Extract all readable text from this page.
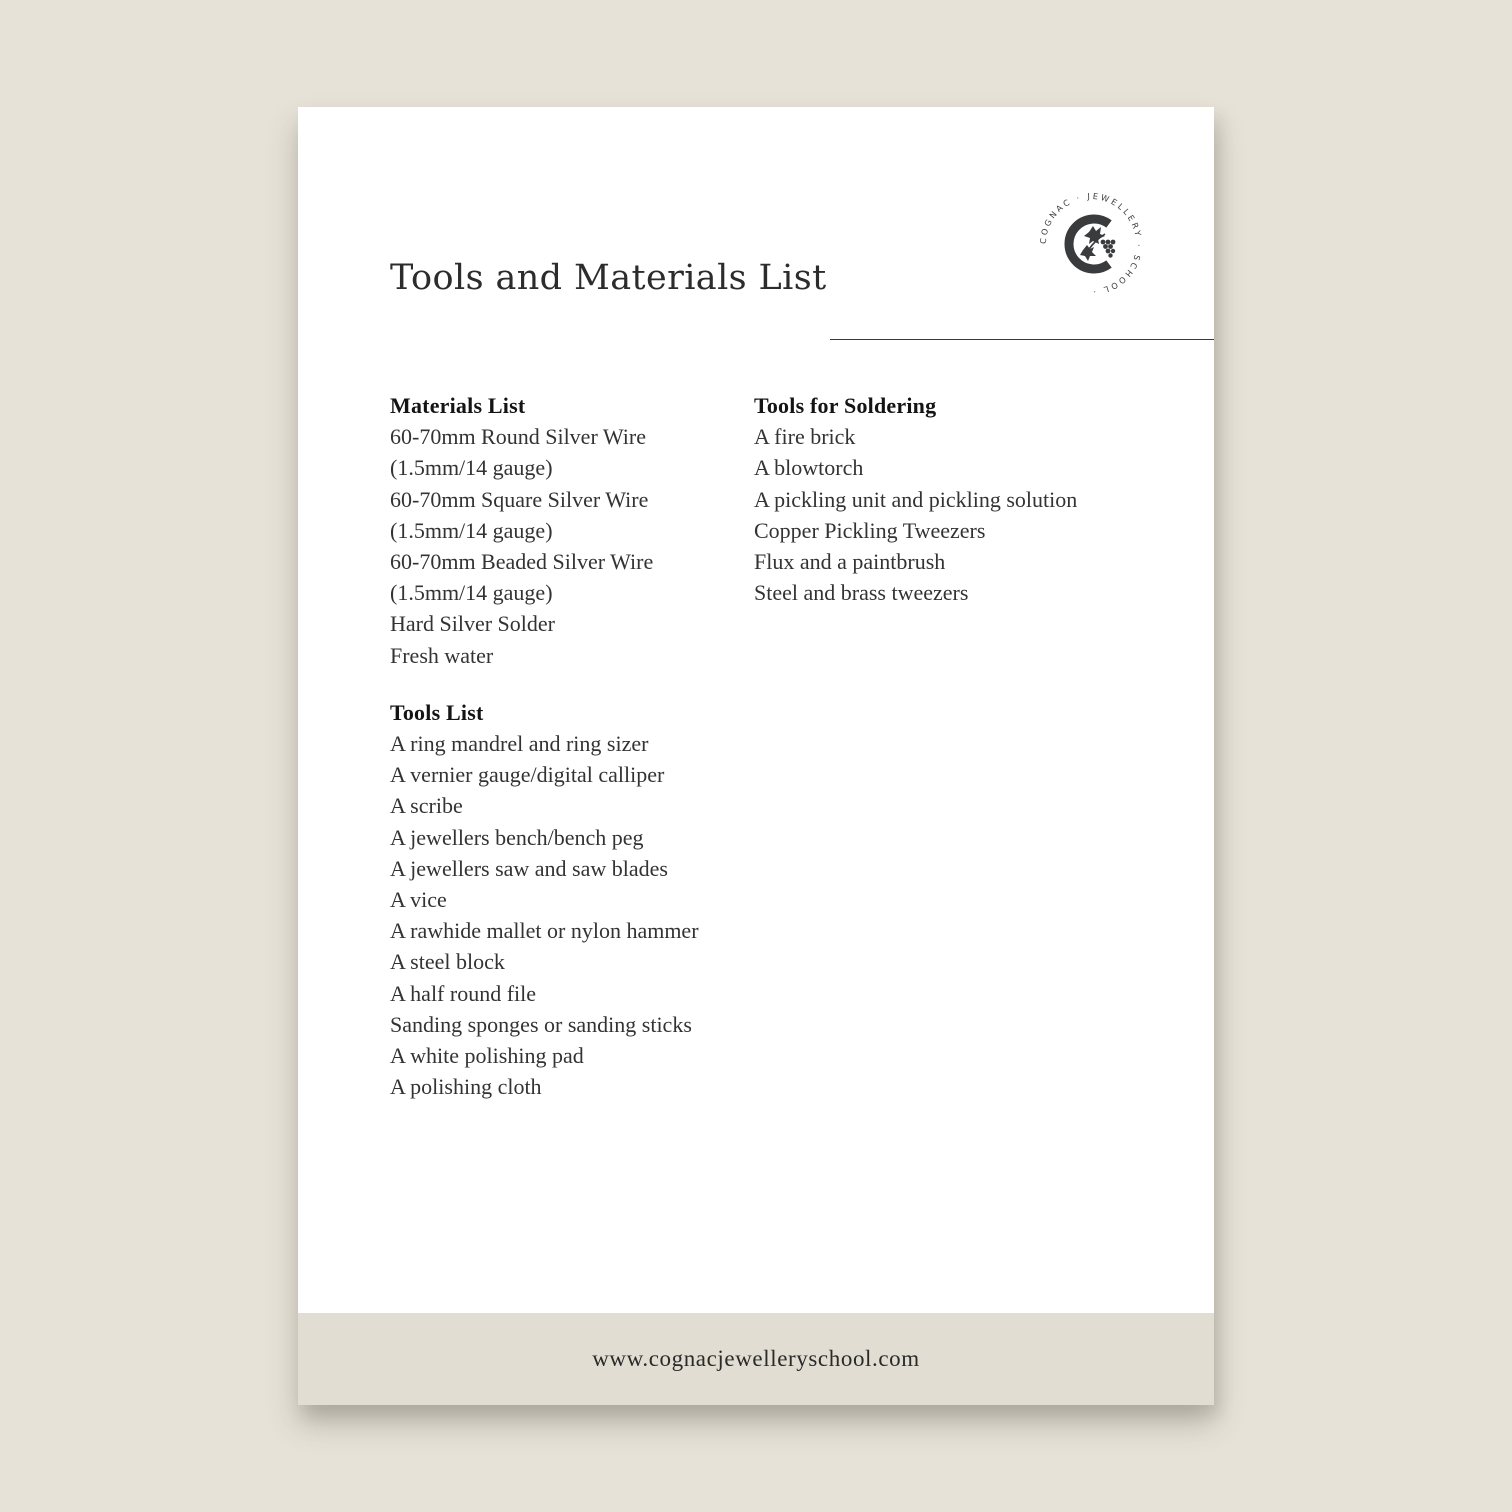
Tools and Materials List
COGNAC · JEWELLERY · SCHOOL ·
Materials List
60-70mm Round Silver Wire
(1.5mm/14 gauge)
60-70mm Square Silver Wire
(1.5mm/14 gauge)
60-70mm Beaded Silver Wire
(1.5mm/14 gauge)
Hard Silver Solder
Fresh water
Tools List
A ring mandrel and ring sizer
A vernier gauge/digital calliper
A scribe
A jewellers bench/bench peg
A jewellers saw and saw blades
A vice
A rawhide mallet or nylon hammer
A steel block
A half round file
Sanding sponges or sanding sticks
A white polishing pad
A polishing cloth
Tools for Soldering
A fire brick
A blowtorch
A pickling unit and pickling solution
Copper Pickling Tweezers
Flux and a paintbrush
Steel and brass tweezers
www.cognacjewelleryschool.com
